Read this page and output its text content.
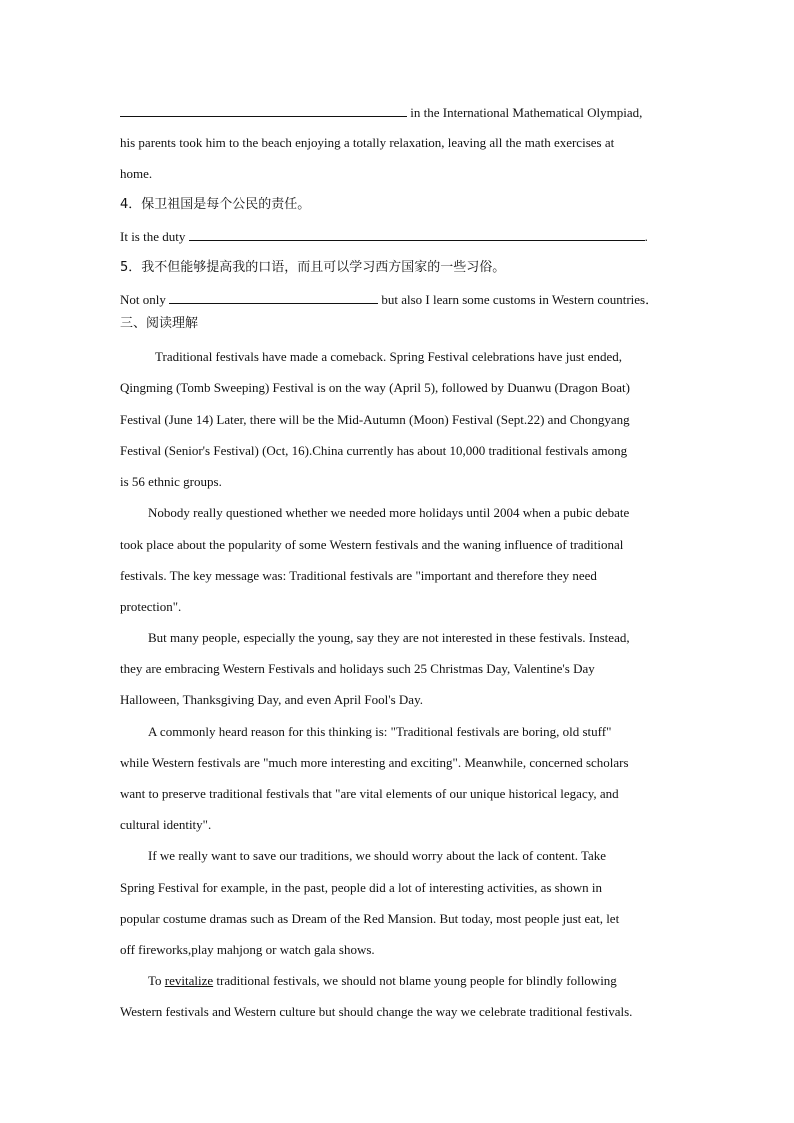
in the International Mathematical Olympiad,
his parents took him to the beach enjoying a totally relaxation, leaving all the math exercises at
home.
4．保卫祖国是每个公民的责任。
It is the duty	.
5．我不但能够提高我的口语，而且可以学习西方国家的一些习俗。
Not only	but also I learn some customs in Western countries．
三、阅读理解
Traditional festivals have made a comeback. Spring Festival celebrations have just ended,
Qingming (Tomb Sweeping) Festival is on the way (April 5), followed by Duanwu (Dragon Boat)
Festival (June 14) Later, there will be the Mid-Autumn (Moon) Festival (Sept.22) and Chongyang
Festival (Senior's Festival) (Oct, 16).China currently has about 10,000 traditional festivals among
is 56 ethnic groups.
Nobody really questioned whether we needed more holidays until 2004 when a pubic debate
took place about the popularity of some Western festivals and the waning influence of traditional
festivals. The key message was: Traditional festivals are "important and therefore they need
protection".
But many people, especially the young, say they are not interested in these festivals. Instead,
they are embracing Western Festivals and holidays such 25 Christmas Day, Valentine's Day
Halloween, Thanksgiving Day, and even April Fool's Day.
A commonly heard reason for this thinking is: "Traditional festivals are boring, old stuff"
while Western festivals are "much more interesting and exciting". Meanwhile, concerned scholars
want to preserve traditional festivals that "are vital elements of our unique historical legacy, and
cultural identity".
If we really want to save our traditions, we should worry about the lack of content. Take
Spring Festival for example, in the past, people did a lot of interesting activities, as shown in
popular costume dramas such as Dream of the Red Mansion. But today, most people just eat, let
off fireworks,play mahjong or watch gala shows.
To revitalize traditional festivals, we should not blame young people for blindly following
Western festivals and Western culture but should change the way we celebrate traditional festivals.
